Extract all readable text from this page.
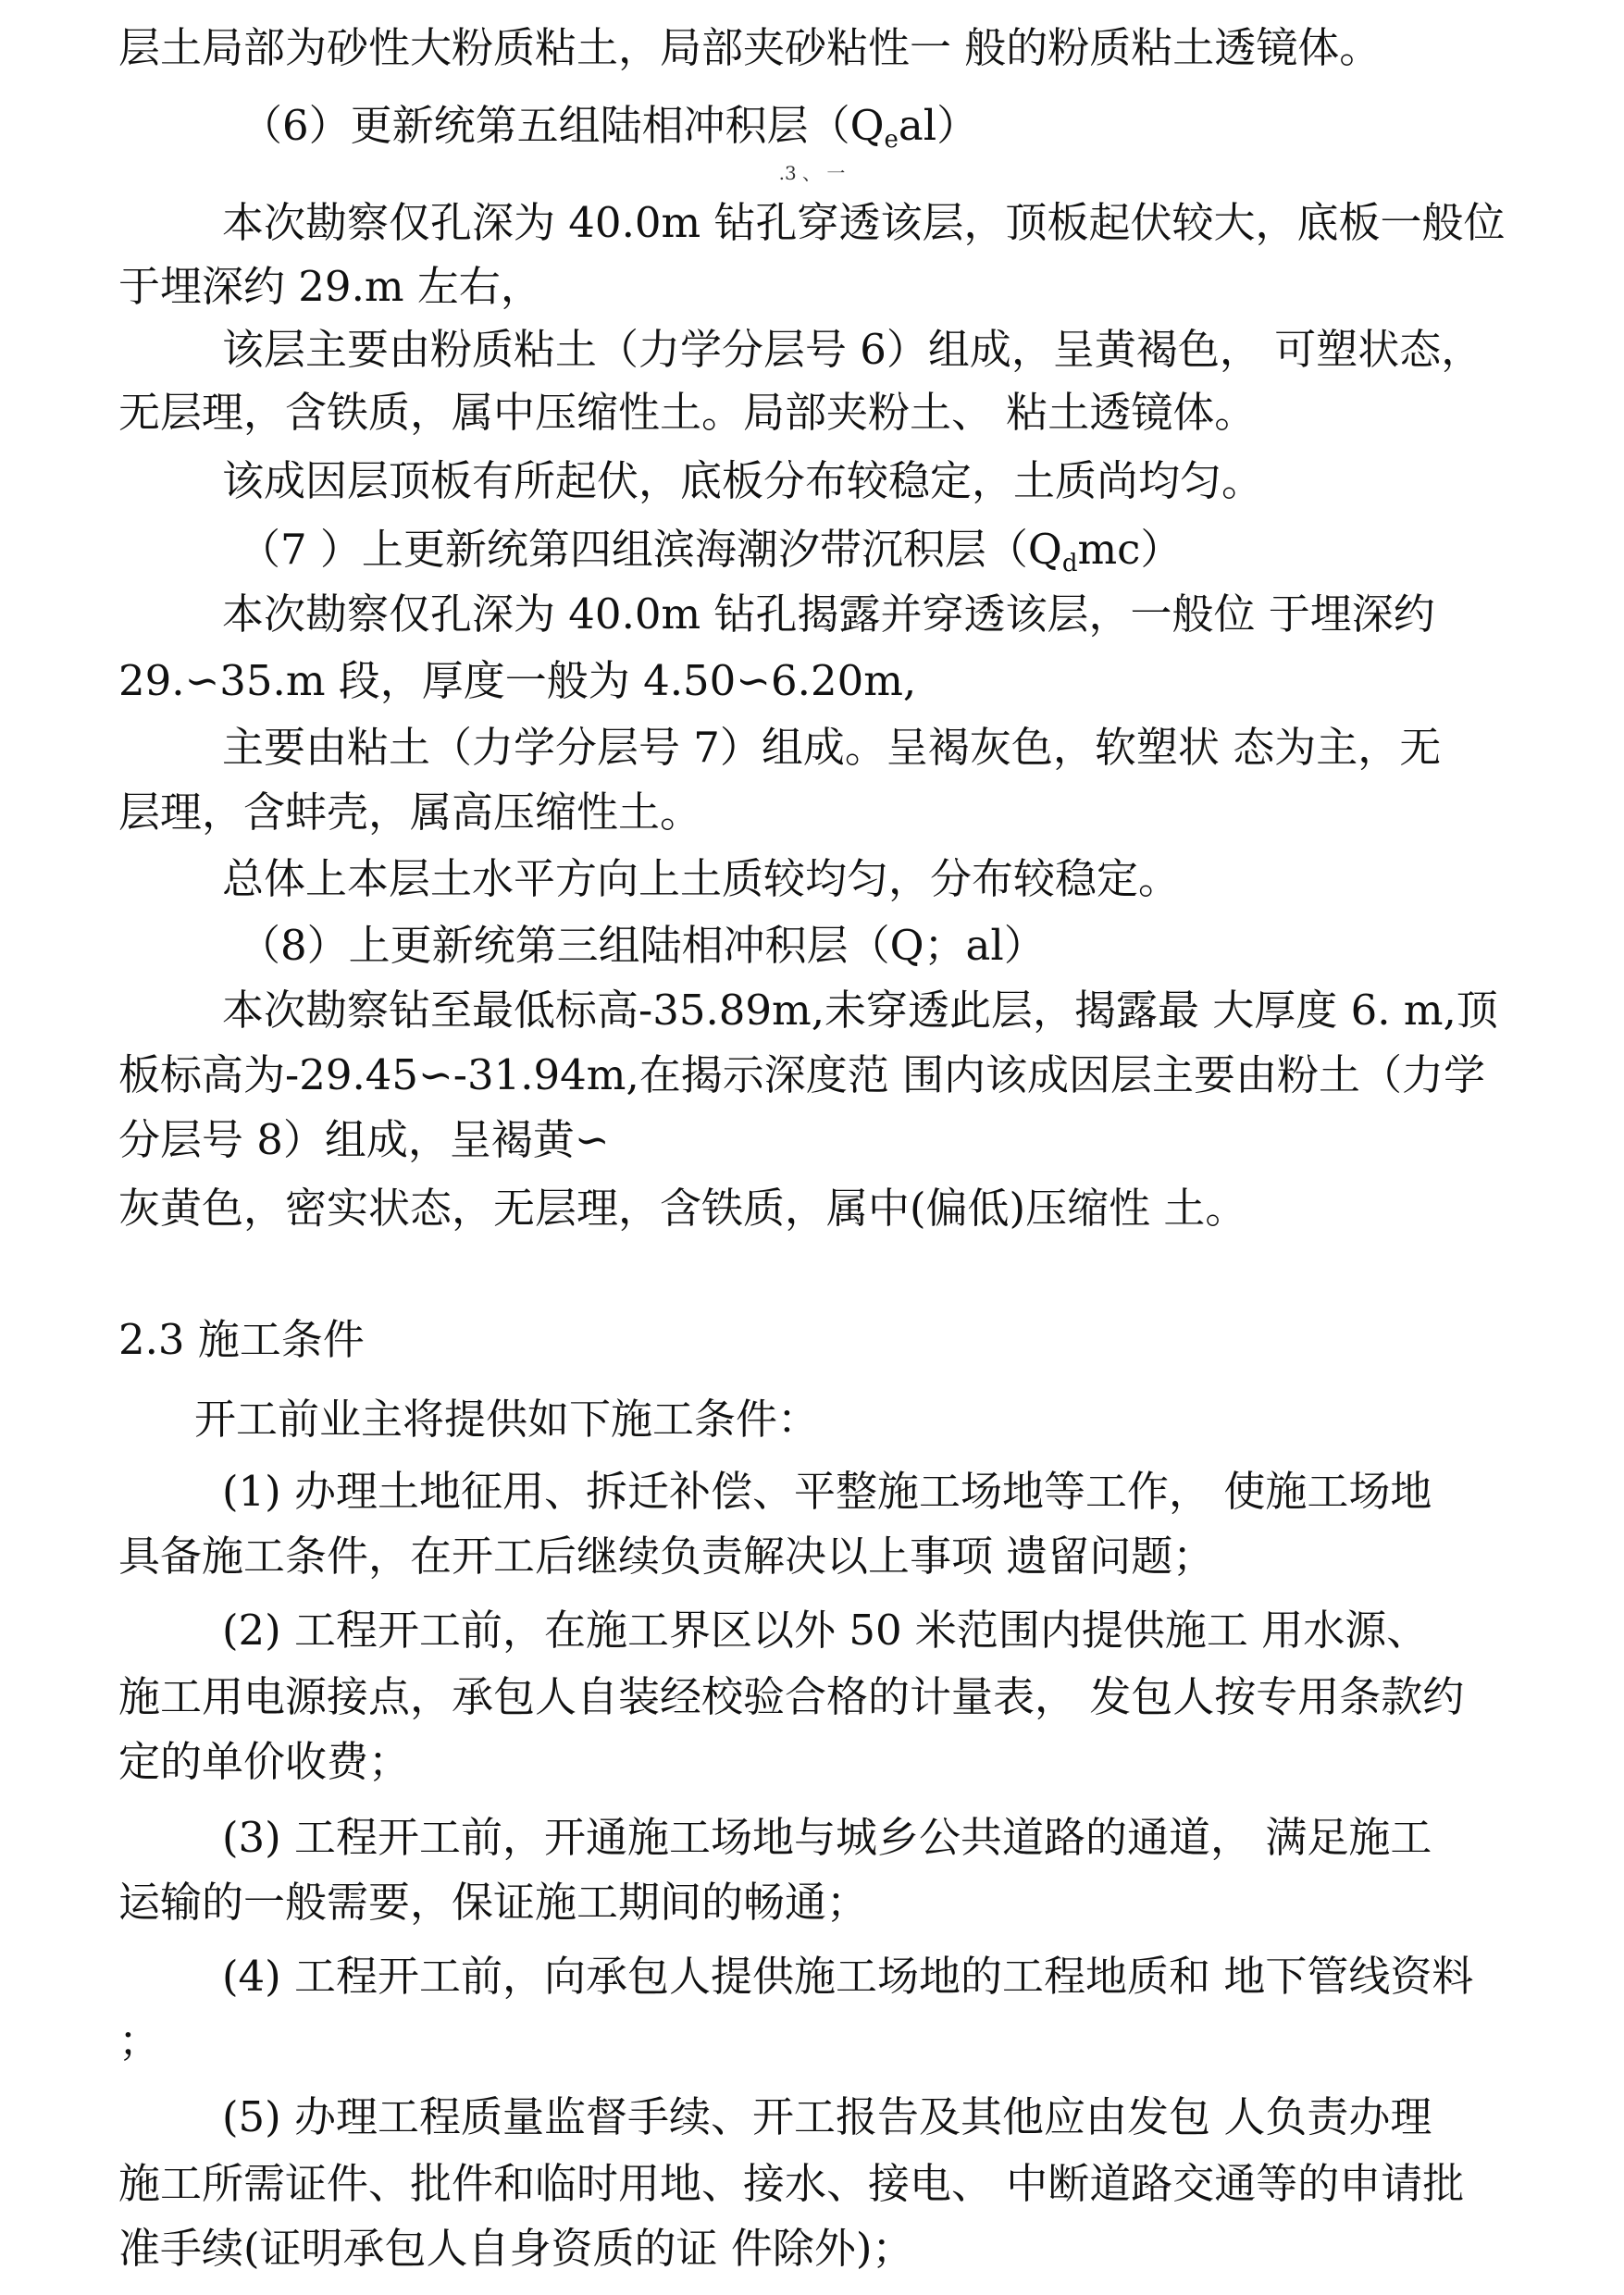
层土局部为砂性大粉质粘土，局部夹砂粘性一 般的粉质粘土透镜体。

（6）更新统第五组陆相冲积层$(Q_eal)$

.3 、 一

本次勘察仅孔深为 40.0m 钻孔穿透该层，顶板起伏较大，底板一般位

于埋深约 29.m 左右，

该层主要由粉质粘土（力学分层号 6）组成，呈黄褐色， 可塑状态，

无层理，含铁质，属中压缩性土。局部夹粉土、 粘土透镜体。

该成因层顶板有所起伏，底板分布较稳定，土质尚均匀。

（7 ）上更新统第四组滨海潮汐带沉积层$(Q_dmc)$

本次勘察仅孔深为 40.0m 钻孔揭露并穿透该层，一般位 于埋深约

29.∽35.m 段，厚度一般为 4.50∽6.20m,

主要由粘土（力学分层号 7）组成。呈褐灰色，软塑状 态为主，无

层理，含蚌壳，属高压缩性土。

总体上本层土水平方向上土质较均匀，分布较稳定。

（8）上更新统第三组陆相冲积层（Q；al）

本次勘察钻至最低标高-35.89m,未穿透此层，揭露最 大厚度 6. m,顶

板标高为-29.45∽-31.94m,在揭示深度范 围内该成因层主要由粉土（力学

分层号 8）组成，呈褐黄∽

灰黄色，密实状态，无层理，含铁质，属中(偏低)压缩性 土。

2.3 施工条件

开工前业主将提供如下施工条件：

(1) 办理土地征用、拆迁补偿、平整施工场地等工作， 使施工场地

具备施工条件，在开工后继续负责解决以上事项 遗留问题；

(2) 工程开工前，在施工界区以外 50 米范围内提供施工 用水源、

施工用电源接点，承包人自装经校验合格的计量表， 发包人按专用条款约

定的单价收费；

(3) 工程开工前，开通施工场地与城乡公共道路的通道， 满足施工

运输的一般需要，保证施工期间的畅通；

(4) 工程开工前，向承包人提供施工场地的工程地质和 地下管线资料

；

(5) 办理工程质量监督手续、开工报告及其他应由发包 人负责办理

施工所需证件、批件和临时用地、接水、接电、 中断道路交通等的申请批

准手续(证明承包人自身资质的证 件除外)；
